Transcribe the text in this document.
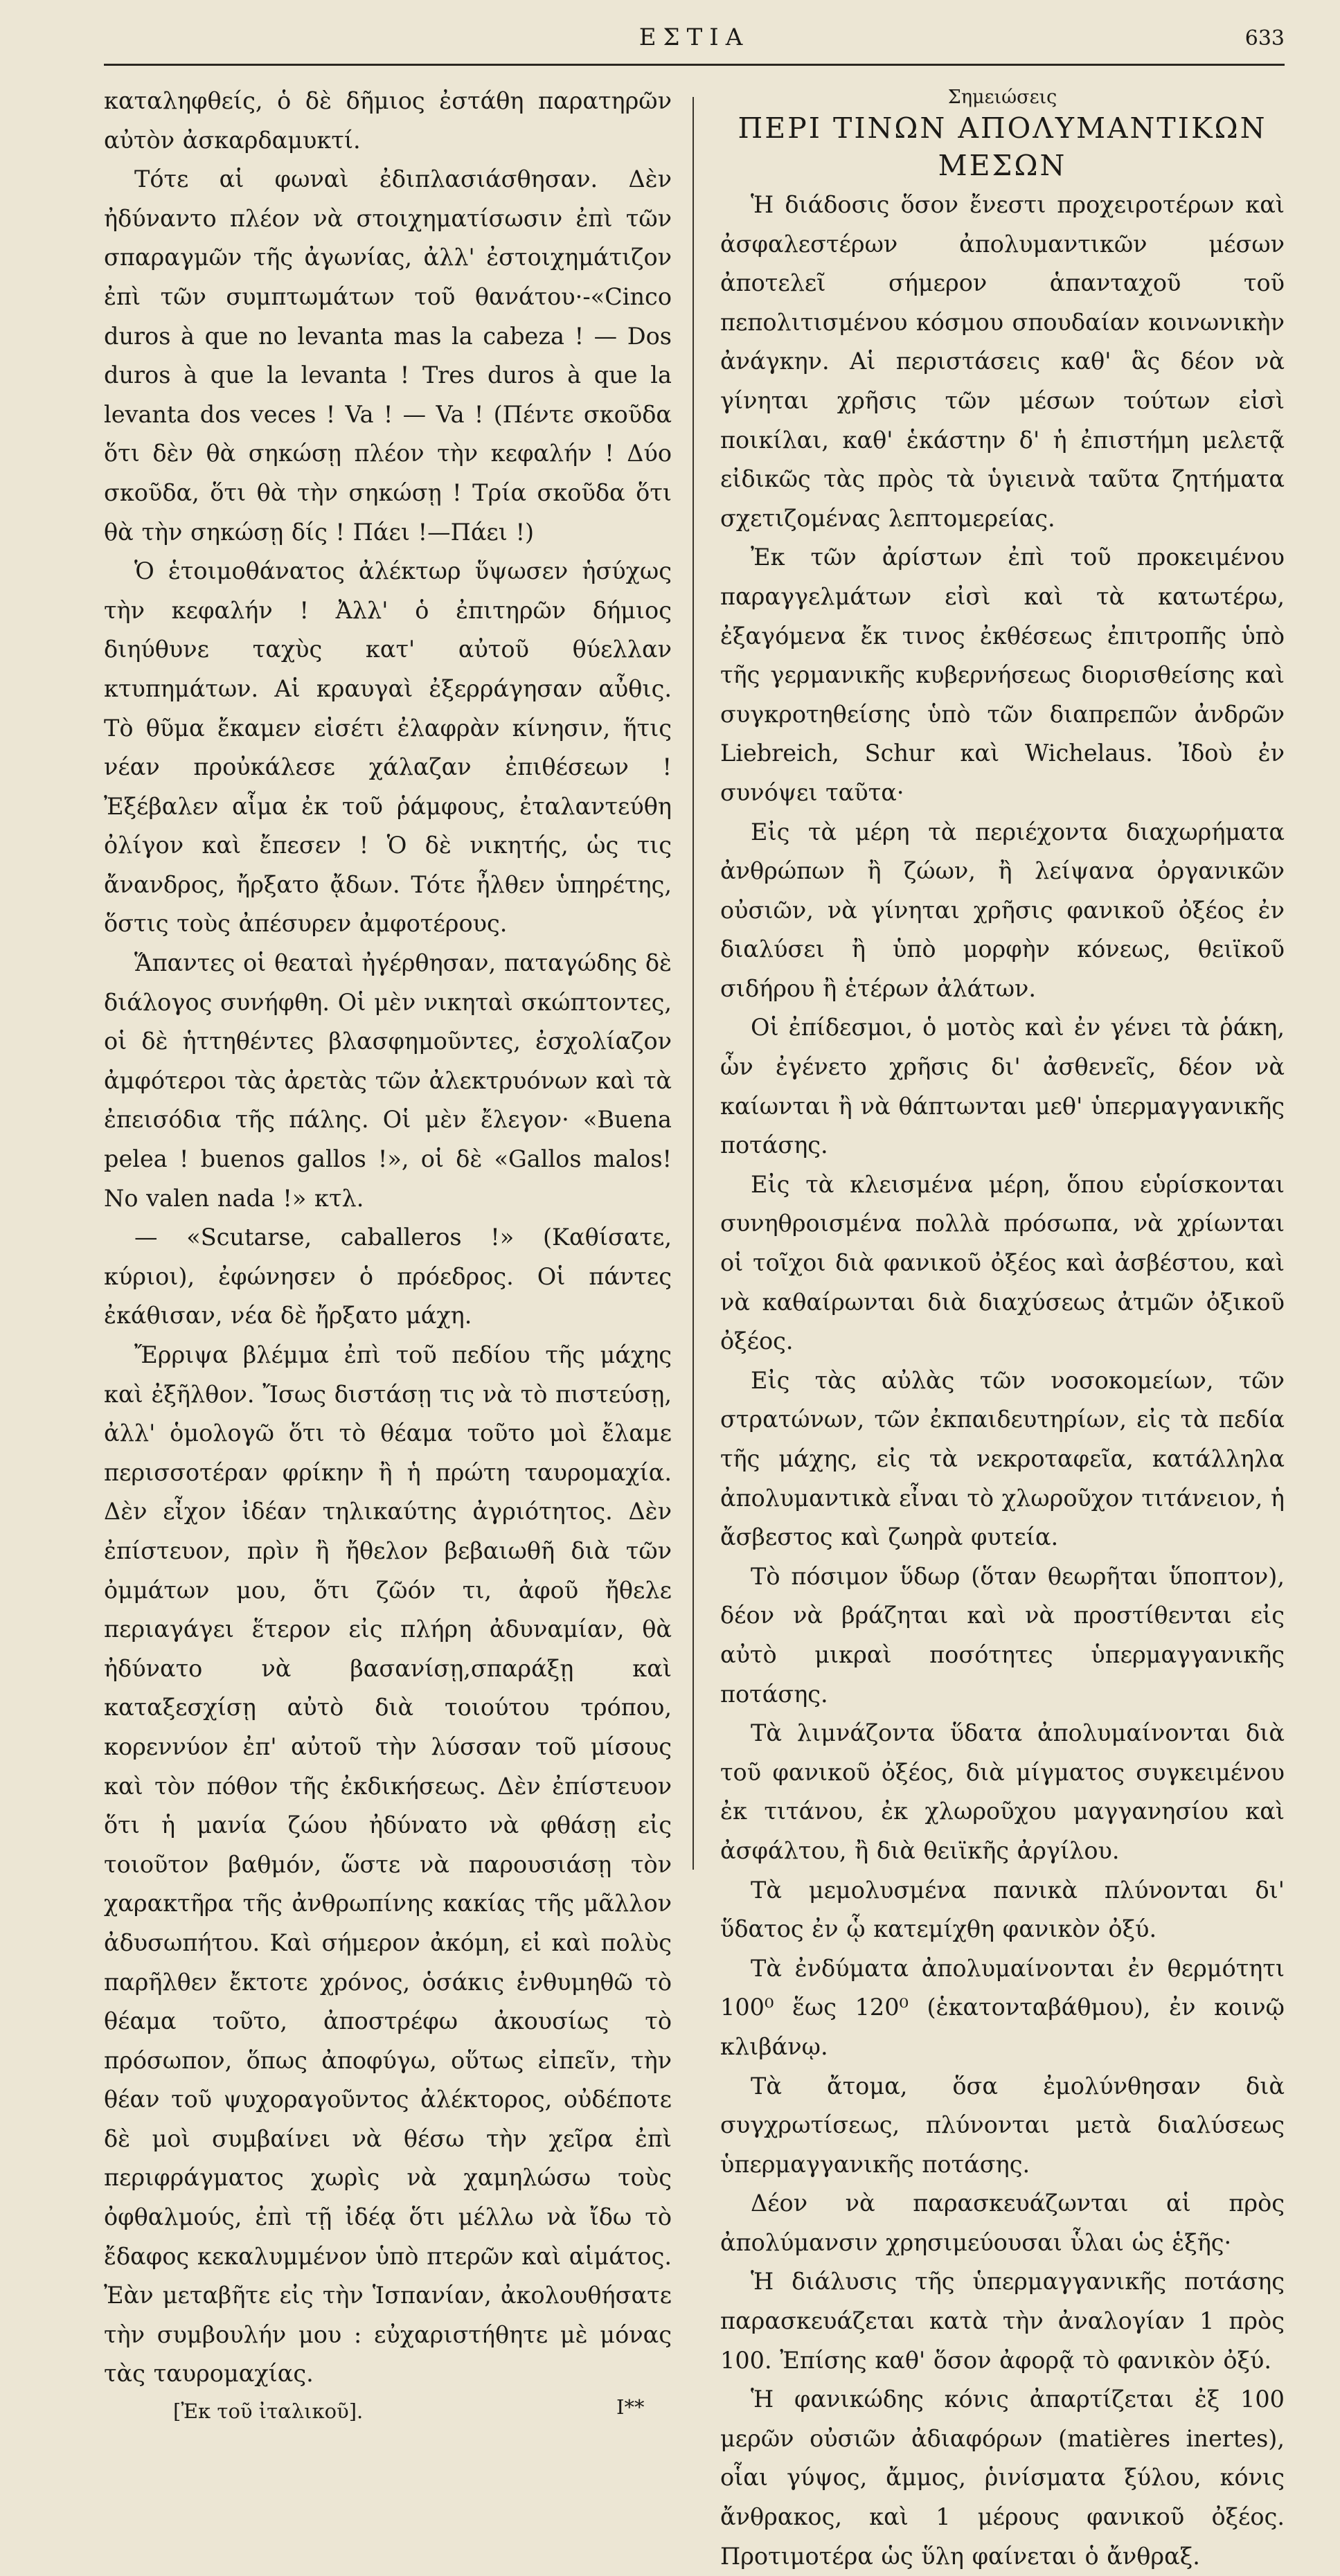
ΕΣΤΙΑ	633

καταληφθείς, ὁ δὲ δῆμιος ἐστάθη παρατηρῶν αὐτὸν ἀσκαρδαμυκτί.

Τότε αἱ φωναὶ ἐδιπλασιάσθησαν. Δὲν ἠδύναντο πλέον νὰ στοιχηματίσωσιν ἐπὶ τῶν σπαραγμῶν τῆς ἀγωνίας, ἀλλ' ἐστοιχημάτιζον ἐπὶ τῶν συμπτωμάτων τοῦ θανάτου·-«Cinco duros à que no levanta mas la cabeza ! — Dos duros à que la levanta ! Tres duros à que la levanta dos veces ! Va ! — Va ! (Πέντε σκοῦδα ὅτι δὲν θὰ σηκώσῃ πλέον τὴν κεφαλήν ! Δύο σκοῦδα, ὅτι θὰ τὴν σηκώσῃ ! Τρία σκοῦδα ὅτι θὰ τὴν σηκώσῃ δίς ! Πάει !—Πάει !)

Ὁ ἑτοιμοθάνατος ἀλέκτωρ ὕψωσεν ἡσύχως τὴν κεφαλήν ! Ἀλλ' ὁ ἐπιτηρῶν δήμιος διηύθυνε ταχὺς κατ' αὐτοῦ θύελλαν κτυπημάτων. Αἱ κραυγαὶ ἐξερράγησαν αὖθις. Τὸ θῦμα ἔκαμεν εἰσέτι ἐλαφρὰν κίνησιν, ἥτις νέαν προὐκάλεσε χάλαζαν ἐπιθέσεων ! Ἐξέβαλεν αἷμα ἐκ τοῦ ῥάμφους, ἐταλαντεύθη ὀλίγον καὶ ἔπεσεν ! Ὁ δὲ νικητής, ὡς τις ἄνανδρος, ἤρξατο ᾄδων. Τότε ἦλθεν ὑπηρέτης, ὅστις τοὺς ἀπέσυρεν ἀμφοτέρους.

Ἅπαντες οἱ θεαταὶ ἠγέρθησαν, παταγώδης δὲ διάλογος συνήφθη. Οἱ μὲν νικηταὶ σκώπτοντες, οἱ δὲ ἡττηθέντες βλασφημοῦντες, ἐσχολίαζον ἀμφότεροι τὰς ἀρετὰς τῶν ἀλεκτρυόνων καὶ τὰ ἐπεισόδια τῆς πάλης. Οἱ μὲν ἔλεγον· «Buena pelea ! buenos gallos !», οἱ δὲ «Gallos malos! No valen nada !» κτλ.

— «Scutarse, caballeros !» (Καθίσατε, κύριοι), ἐφώνησεν ὁ πρόεδρος. Οἱ πάντες ἐκάθισαν, νέα δὲ ἤρξατο μάχη.

Ἔρριψα βλέμμα ἐπὶ τοῦ πεδίου τῆς μάχης καὶ ἐξῆλθον. Ἴσως διστάσῃ τις νὰ τὸ πιστεύσῃ, ἀλλ' ὁμολογῶ ὅτι τὸ θέαμα τοῦτο μοὶ ἔλαμε περισσοτέραν φρίκην ἢ ἡ πρώτη ταυρομαχία. Δὲν εἶχον ἰδέαν τηλικαύτης ἀγριότητος. Δὲν ἐπίστευον, πρὶν ἢ ἤθελον βεβαιωθῆ διὰ τῶν ὀμμάτων μου, ὅτι ζῶόν τι, ἀφοῦ ἤθελε περιαγάγει ἕτερον εἰς πλήρη ἀδυναμίαν, θὰ ἠδύνατο νὰ βασανίσῃ,σπαράξῃ καὶ καταξεσχίσῃ αὐτὸ διὰ τοιούτου τρόπου, κορεννύον ἐπ' αὐτοῦ τὴν λύσσαν τοῦ μίσους καὶ τὸν πόθον τῆς ἐκδικήσεως. Δὲν ἐπίστευον ὅτι ἡ μανία ζώου ἠδύνατο νὰ φθάσῃ εἰς τοιοῦτον βαθμόν, ὥστε νὰ παρουσιάσῃ τὸν χαρακτῆρα τῆς ἀνθρωπίνης κακίας τῆς μᾶλλον ἀδυσωπήτου. Καὶ σήμερον ἀκόμη, εἰ καὶ πολὺς παρῆλθεν ἔκτοτε χρόνος, ὁσάκις ἐνθυμηθῶ τὸ θέαμα τοῦτο, ἀποστρέφω ἀκουσίως τὸ πρόσωπον, ὅπως ἀποφύγω, οὕτως εἰπεῖν, τὴν θέαν τοῦ ψυχοραγοῦντος ἀλέκτορος, οὐδέποτε δὲ μοὶ συμβαίνει νὰ θέσω τὴν χεῖρα ἐπὶ περιφράγματος χωρὶς νὰ χαμηλώσω τοὺς ὀφθαλμούς, ἐπὶ τῇ ἰδέᾳ ὅτι μέλλω νὰ ἴδω τὸ ἔδαφος κεκαλυμμένον ὑπὸ πτερῶν καὶ αἱμάτος. Ἐὰν μεταβῆτε εἰς τὴν Ἱσπανίαν, ἀκολουθήσατε τὴν συμβουλήν μου : εὐχαριστήθητε μὲ μόνας τὰς ταυρομαχίας.

[Ἐκ τοῦ ἰταλικοῦ].	I**
Σημειώσεις
ΠΕΡΙ ΤΙΝΩΝ ΑΠΟΛΥΜΑΝΤΙΚΩΝ ΜΕΣΩΝ

Ἡ διάδοσις ὅσον ἔνεστι προχειροτέρων καὶ ἀσφαλεστέρων ἀπολυμαντικῶν μέσων ἀποτελεῖ σήμερον ἁπανταχοῦ τοῦ πεπολιτισμένου κόσμου σπουδαίαν κοινωνικὴν ἀνάγκην. Αἱ περιστάσεις καθ' ἃς δέον νὰ γίνηται χρῆσις τῶν μέσων τούτων εἰσὶ ποικίλαι, καθ' ἑκάστην δ' ἡ ἐπιστήμη μελετᾷ εἰδικῶς τὰς πρὸς τὰ ὑγιεινὰ ταῦτα ζητήματα σχετιζομένας λεπτομερείας.

Ἐκ τῶν ἀρίστων ἐπὶ τοῦ προκειμένου παραγγελμάτων εἰσὶ καὶ τὰ κατωτέρω, ἐξαγόμενα ἔκ τινος ἐκθέσεως ἐπιτροπῆς ὑπὸ τῆς γερμανικῆς κυβερνήσεως διορισθείσης καὶ συγκροτηθείσης ὑπὸ τῶν διαπρεπῶν ἀνδρῶν Liebreich, Schur καὶ Wichelaus. Ἰδοὺ ἐν συνόψει ταῦτα·

Εἰς τὰ μέρη τὰ περιέχοντα διαχωρήματα ἀνθρώπων ἢ ζώων, ἢ λείψανα ὀργανικῶν οὐσιῶν, νὰ γίνηται χρῆσις φανικοῦ ὀξέος ἐν διαλύσει ἢ ὑπὸ μορφὴν κόνεως, θειϊκοῦ σιδήρου ἢ ἑτέρων ἀλάτων.

Οἱ ἐπίδεσμοι, ὁ μοτὸς καὶ ἐν γένει τὰ ῥάκη, ὧν ἐγένετο χρῆσις δι' ἀσθενεῖς, δέον νὰ καίωνται ἢ νὰ θάπτωνται μεθ' ὑπερμαγγανικῆς ποτάσης.

Εἰς τὰ κλεισμένα μέρη, ὅπου εὑρίσκονται συνηθροισμένα πολλὰ πρόσωπα, νὰ χρίωνται οἱ τοῖχοι διὰ φανικοῦ ὀξέος καὶ ἀσβέστου, καὶ νὰ καθαίρωνται διὰ διαχύσεως ἀτμῶν ὀξικοῦ ὀξέος.

Εἰς τὰς αὐλὰς τῶν νοσοκομείων, τῶν στρατώνων, τῶν ἐκπαιδευτηρίων, εἰς τὰ πεδία τῆς μάχης, εἰς τὰ νεκροταφεῖα, κατάλληλα ἀπολυμαντικὰ εἶναι τὸ χλωροῦχον τιτάνειον, ἡ ἄσβεστος καὶ ζωηρὰ φυτεία.

Τὸ πόσιμον ὕδωρ (ὅταν θεωρῆται ὕποπτον), δέον νὰ βράζηται καὶ νὰ προστίθενται εἰς αὐτὸ μικραὶ ποσότητες ὑπερμαγγανικῆς ποτάσης.

Τὰ λιμνάζοντα ὕδατα ἀπολυμαίνονται διὰ τοῦ φανικοῦ ὀξέος, διὰ μίγματος συγκειμένου ἐκ τιτάνου, ἐκ χλωροῦχου μαγγανησίου καὶ ἀσφάλτου, ἢ διὰ θειϊκῆς ἀργίλου.

Τὰ μεμολυσμένα πανικὰ πλύνονται δι' ὕδατος ἐν ᾧ κατεμίχθη φανικὸν ὀξύ.

Τὰ ἐνδύματα ἀπολυμαίνονται ἐν θερμότητι 100⁰ ἕως 120⁰ (ἑκατονταβάθμου), ἐν κοινῷ κλιβάνῳ.

Τὰ ἄτομα, ὅσα ἐμολύνθησαν διὰ συγχρωτίσεως, πλύνονται μετὰ διαλύσεως ὑπερμαγγανικῆς ποτάσης.

Δέον νὰ παρασκευάζωνται αἱ πρὸς ἀπολύμανσιν χρησιμεύουσαι ὗλαι ὡς ἑξῆς·

Ἡ διάλυσις τῆς ὑπερμαγγανικῆς ποτάσης παρασκευάζεται κατὰ τὴν ἀναλογίαν 1 πρὸς 100. Ἐπίσης καθ' ὅσον ἀφορᾷ τὸ φανικὸν ὀξύ.

Ἡ φανικώδης κόνις ἀπαρτίζεται ἐξ 100 μερῶν οὐσιῶν ἀδιαφόρων (matières inertes), οἷαι γύψος, ἄμμος, ῥινίσματα ξύλου, κόνις ἄνθρακος, καὶ 1 μέρους φανικοῦ ὀξέος. Προτιμοτέρα ὡς ὕλη φαίνεται ὁ ἄνθραξ.
